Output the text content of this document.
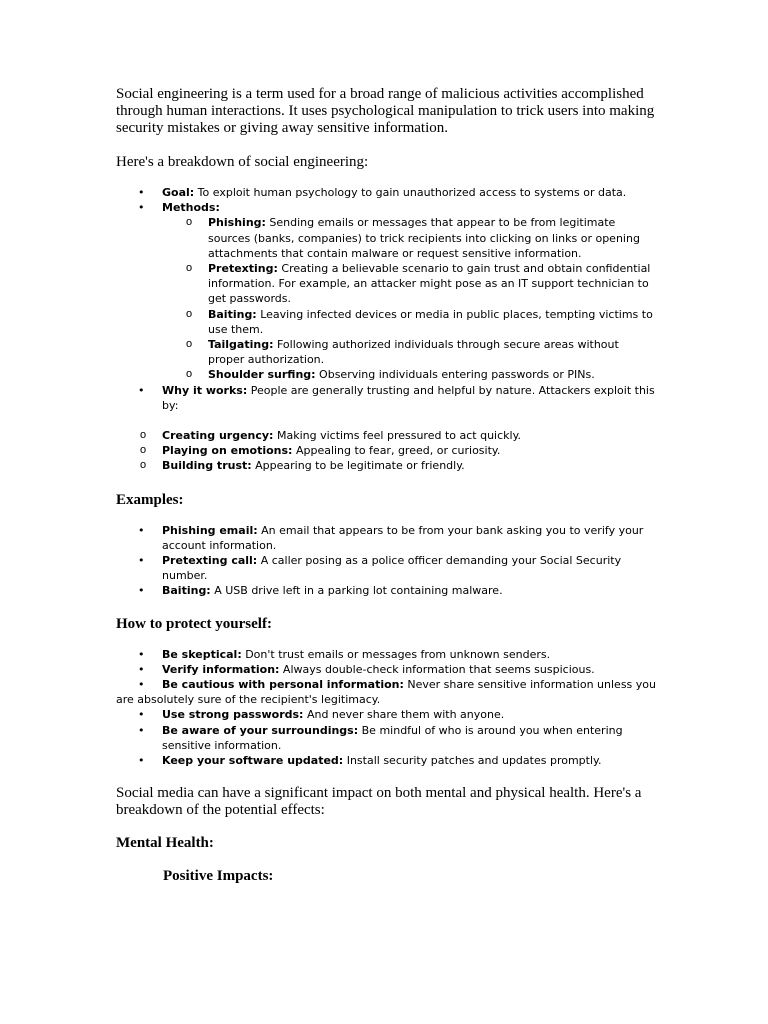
Social engineering is a term used for a broad range of malicious activities accomplished through human interactions. It uses psychological manipulation to trick users into making security mistakes or giving away sensitive information.

Here's a breakdown of social engineering:

• Goal: To exploit human psychology to gain unauthorized access to systems or data.
• Methods:
o Phishing: Sending emails or messages that appear to be from legitimate sources (banks, companies) to trick recipients into clicking on links or opening attachments that contain malware or request sensitive information.
o Pretexting: Creating a believable scenario to gain trust and obtain confidential information. For example, an attacker might pose as an IT support technician to get passwords.
o Baiting: Leaving infected devices or media in public places, tempting victims to use them.
o Tailgating: Following authorized individuals through secure areas without proper authorization.
o Shoulder surfing: Observing individuals entering passwords or PINs.
• Why it works: People are generally trusting and helpful by nature. Attackers exploit this by:
o Creating urgency: Making victims feel pressured to act quickly.
o Playing on emotions: Appealing to fear, greed, or curiosity.
o Building trust: Appearing to be legitimate or friendly.
Examples:
• Phishing email: An email that appears to be from your bank asking you to verify your account information.
• Pretexting call: A caller posing as a police officer demanding your Social Security number.
• Baiting: A USB drive left in a parking lot containing malware.
How to protect yourself:
• Be skeptical: Don't trust emails or messages from unknown senders.
• Verify information: Always double-check information that seems suspicious.
• Be cautious with personal information: Never share sensitive information unless you are absolutely sure of the recipient's legitimacy.
• Use strong passwords: And never share them with anyone.
• Be aware of your surroundings: Be mindful of who is around you when entering sensitive information.
• Keep your software updated: Install security patches and updates promptly.

Social media can have a significant impact on both mental and physical health. Here's a breakdown of the potential effects:

Mental Health:
Positive Impacts:
